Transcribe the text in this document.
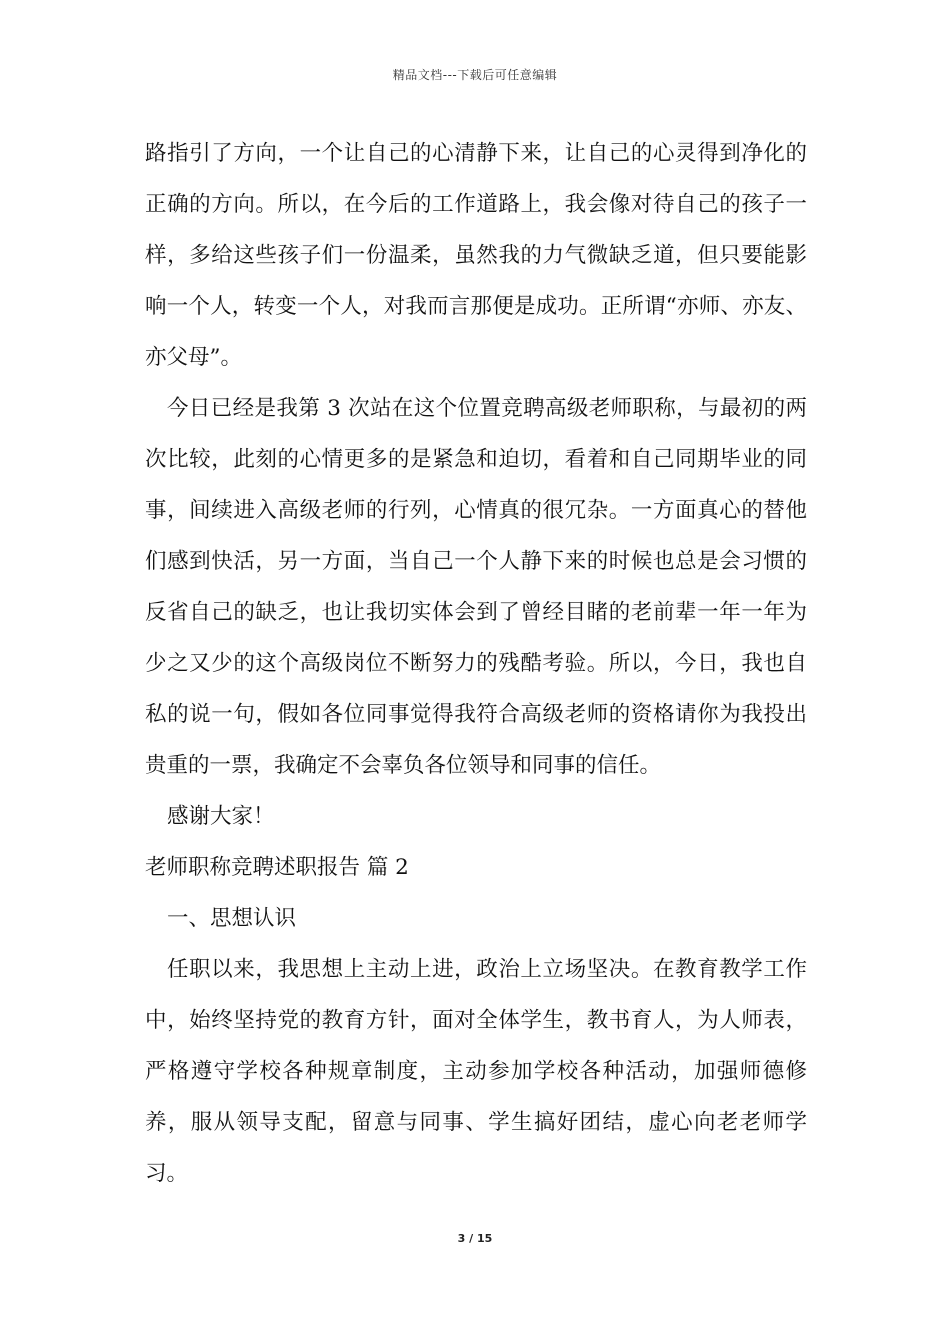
精品文档---下载后可任意编辑

路指引了方向，一个让自己的心清静下来，让自己的心灵得到净化的正确的方向。所以，在今后的工作道路上，我会像对待自己的孩子一样，多给这些孩子们一份温柔，虽然我的力气微缺乏道，但只要能影响一个人，转变一个人，对我而言那便是成功。正所谓“亦师、亦友、亦父母”。

今日已经是我第 3 次站在这个位置竞聘高级老师职称，与最初的两次比较，此刻的心情更多的是紧急和迫切，看着和自己同期毕业的同事，间续进入高级老师的行列，心情真的很冗杂。一方面真心的替他们感到快活，另一方面，当自己一个人静下来的时候也总是会习惯的反省自己的缺乏，也让我切实体会到了曾经目睹的老前辈一年一年为少之又少的这个高级岗位不断努力的残酷考验。所以，今日，我也自私的说一句，假如各位同事觉得我符合高级老师的资格请你为我投出贵重的一票，我确定不会辜负各位领导和同事的信任。

感谢大家！

老师职称竞聘述职报告 篇 2

一、思想认识

任职以来，我思想上主动上进，政治上立场坚决。在教育教学工作中，始终坚持党的教育方针，面对全体学生，教书育人，为人师表，严格遵守学校各种规章制度，主动参加学校各种活动，加强师德修养，服从领导支配，留意与同事、学生搞好团结，虚心向老老师学习。

3 / 15
